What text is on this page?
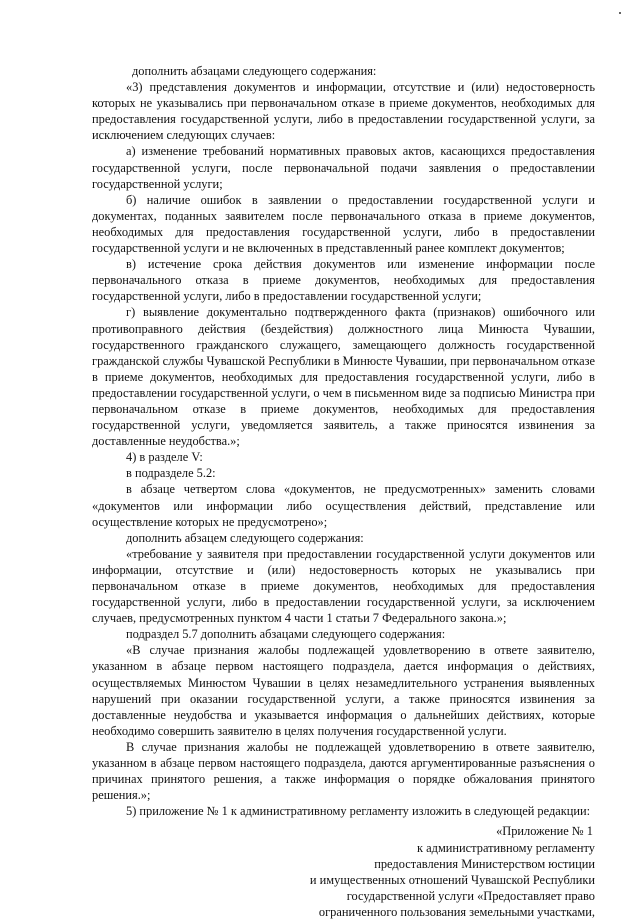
дополнить абзацами следующего содержания:

«3) представления документов и информации, отсутствие и (или) недостоверность которых не указывались при первоначальном отказе в приеме документов, необходимых для предоставления государственной услуги, либо в предоставлении государственной услуги, за исключением следующих случаев:

а) изменение требований нормативных правовых актов, касающихся предоставления государственной услуги, после первоначальной подачи заявления о предоставлении государственной услуги;

б) наличие ошибок в заявлении о предоставлении государственной услуги и документах, поданных заявителем после первоначального отказа в приеме документов, необходимых для предоставления государственной услуги, либо в предоставлении государственной услуги и не включенных в представленный ранее комплект документов;

в) истечение срока действия документов или изменение информации после первоначального отказа в приеме документов, необходимых для предоставления государственной услуги, либо в предоставлении государственной услуги;

г) выявление документально подтвержденного факта (признаков) ошибочного или противоправного действия (бездействия) должностного лица Минюста Чувашии, государственного гражданского служащего, замещающего должность государственной гражданской службы Чувашской Республики в Минюсте Чувашии, при первоначальном отказе в приеме документов, необходимых для предоставления государственной услуги, либо в предоставлении государственной услуги, о чем в письменном виде за подписью Министра при первоначальном отказе в приеме документов, необходимых для предоставления государственной услуги, уведомляется заявитель, а также приносятся извинения за доставленные неудобства.»;

4) в разделе V:

в подразделе 5.2:

в абзаце четвертом слова «документов, не предусмотренных» заменить словами «документов или информации либо осуществления действий, представление или осуществление которых не предусмотрено»;

дополнить абзацем следующего содержания:

«требование у заявителя при предоставлении государственной услуги документов или информации, отсутствие и (или) недостоверность которых не указывались при первоначальном отказе в приеме документов, необходимых для предоставления государственной услуги, либо в предоставлении государственной услуги, за исключением случаев, предусмотренных пунктом 4 части 1 статьи 7 Федерального закона.»;

подраздел 5.7 дополнить абзацами следующего содержания:

«В случае признания жалобы подлежащей удовлетворению в ответе заявителю, указанном в абзаце первом настоящего подраздела, дается информация о действиях, осуществляемых Минюстом Чувашии в целях незамедлительного устранения выявленных нарушений при оказании государственной услуги, а также приносятся извинения за доставленные неудобства и указывается информация о дальнейших действиях, которые необходимо совершить заявителю в целях получения государственной услуги.

В случае признания жалобы не подлежащей удовлетворению в ответе заявителю, указанном в абзаце первом настоящего подраздела, даются аргументированные разъяснения о причинах принятого решения, а также информация о порядке обжалования принятого решения.»;

5) приложение № 1 к административному регламенту изложить в следующей редакции:

«Приложение № 1
к административному регламенту
предоставления Министерством юстиции
и имущественных отношений Чувашской Республики
государственной услуги «Предоставляет право
ограниченного пользования земельными участками,
